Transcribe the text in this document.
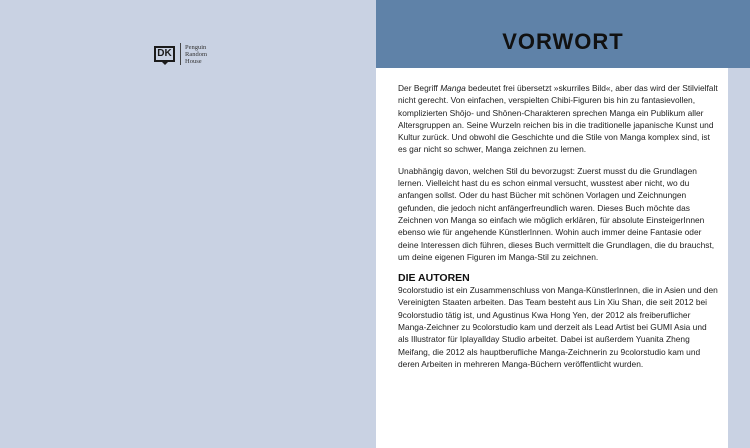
DK
Penguin
Random
House
VORWORT

Der Begriff Manga bedeutet frei übersetzt »skurriles Bild«, aber das wird der Stilvielfalt nicht gerecht. Von einfachen, verspielten Chibi-Figuren bis hin zu fantasievollen, komplizierten Shōjo- und Shōnen-Charakteren sprechen Manga ein Publikum aller Altersgruppen an. Seine Wurzeln reichen bis in die traditionelle japanische Kunst und Kultur zurück. Und obwohl die Geschichte und die Stile von Manga komplex sind, ist es gar nicht so schwer, Manga zeichnen zu lernen.

Unabhängig davon, welchen Stil du bevorzugst: Zuerst musst du die Grundlagen lernen. Vielleicht hast du es schon einmal versucht, wusstest aber nicht, wo du anfangen sollst. Oder du hast Bücher mit schönen Vorlagen und Zeichnungen gefunden, die jedoch nicht anfängerfreundlich waren. Dieses Buch möchte das Zeichnen von Manga so einfach wie möglich erklären, für absolute EinsteigerInnen ebenso wie für angehende KünstlerInnen. Wohin auch immer deine Fantasie oder deine Interessen dich führen, dieses Buch vermittelt die Grundlagen, die du brauchst, um deine eigenen Figuren im Manga-Stil zu zeichnen.

DIE AUTOREN

9colorstudio ist ein Zusammenschluss von Manga-KünstlerInnen, die in Asien und den Vereinigten Staaten arbeiten. Das Team besteht aus Lin Xiu Shan, die seit 2012 bei 9colorstudio tätig ist, und Agustinus Kwa Hong Yen, der 2012 als freiberuflicher Manga-Zeichner zu 9colorstudio kam und derzeit als Lead Artist bei GUMI Asia und als Illustrator für Iplayallday Studio arbeitet. Dabei ist außerdem Yuanita Zheng Meifang, die 2012 als hauptberufliche Manga-Zeichnerin zu 9colorstudio kam und deren Arbeiten in mehreren Manga-Büchern veröffentlicht wurden.
